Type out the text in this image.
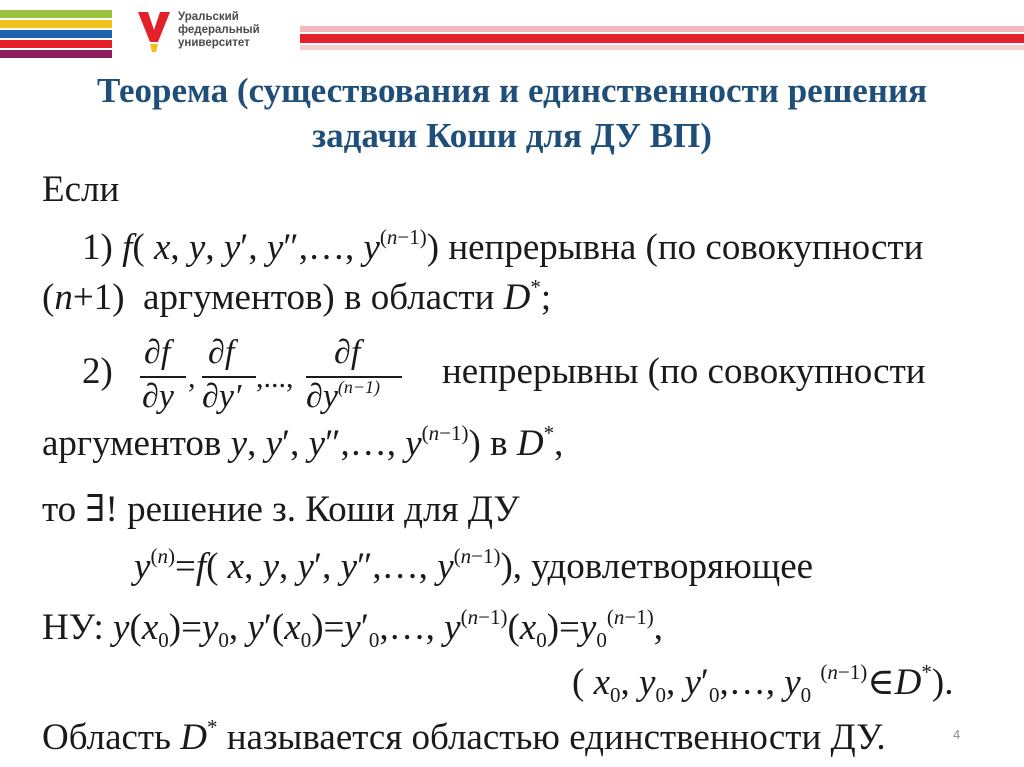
Уральский
федеральный
университет
Теорема (существования и единственности решения
задачи Коши для ДУ ВП)
Если
1) f( x, y, y′, y″,…, $y^{(n-1)}$) непрерывна (по совокупности
(n+1) аргументов) в области D*;
2) ∂f
∂y
,
∂f
∂y′
,...,
∂f
$\partial y^{(n-1)}$ непрерывны (по совокупности
аргументов y, y′, y″,…, $y^{(n-1)}$) в D*,
то ∃! решение з. Коши для ДУ
$y^{(n)}=f$( x, y, y′, y″,…, $y^{(n-1)}$), удовлетворяющее
НУ: $y(x_0)=y_0$, $y'(x_0)=y'_0,\dots$, $y^{(n-1)}(x_0)=y_0^{(n-1)}$,
( $x_0$, $y_0$, $y'_0,\dots$, $y_0$ $^{(n-1)}$∈D*).
Область D* называется областью единственности ДУ.	4
